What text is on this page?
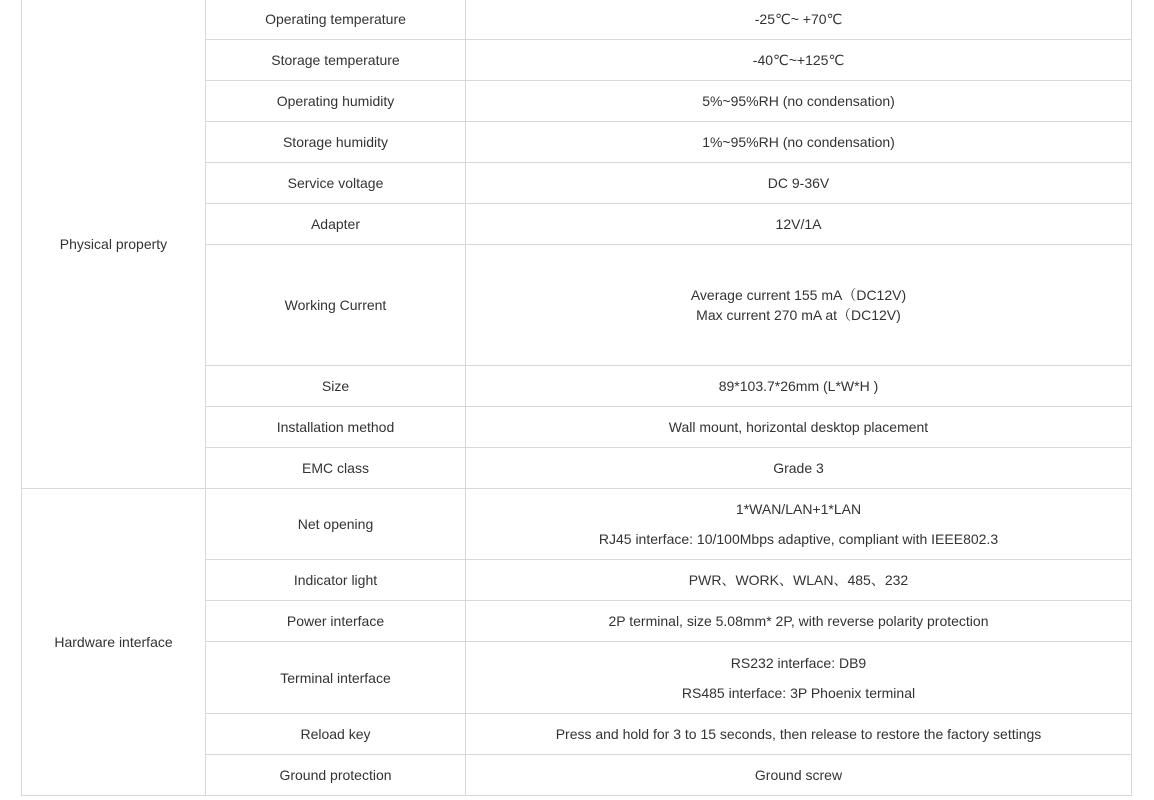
Physical property	Operating temperature	-25℃~ +70℃
	Storage temperature	-40℃~+125℃
	Operating humidity	5%~95%RH (no condensation)
	Storage humidity	1%~95%RH (no condensation)
	Service voltage	DC 9-36V
	Adapter	12V/1A
	Working Current	Average current 155 mA（DC12V)
Max current 270 mA at（DC12V)

	Size	89*103.7*26mm (L*W*H )
	Installation method	Wall mount, horizontal desktop placement
	EMC class	Grade 3
Hardware interface	Net opening	1*WAN/LAN+1*LAN
RJ45 interface: 10/100Mbps adaptive, compliant with IEEE802.3

	Indicator light	PWR、WORK、WLAN、485、232
	Power interface	2P terminal, size 5.08mm* 2P, with reverse polarity protection
	Terminal interface	RS232 interface: DB9
RS485 interface: 3P Phoenix terminal

	Reload key	Press and hold for 3 to 15 seconds, then release to restore the factory settings
	Ground protection	Ground screw
